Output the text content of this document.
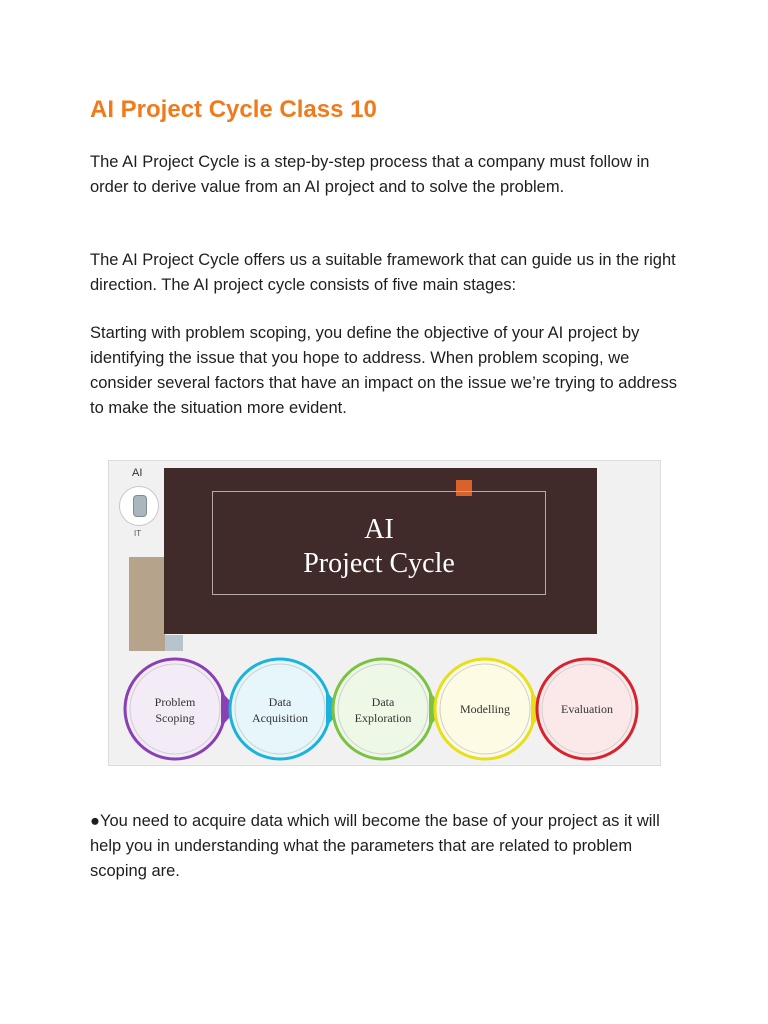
AI Project Cycle Class 10

The AI Project Cycle is a step-by-step process that a company must follow in order to derive value from an AI project and to solve the problem.

The AI Project Cycle offers us a suitable framework that can guide us in the right direction. The AI project cycle consists of five main stages:

Starting with problem scoping, you define the objective of your AI project by identifying the issue that you hope to address. When problem scoping, we consider several factors that have an impact on the issue we’re trying to address to make the situation more evident.

AI
IT	AI
Project Cycle
Problem
Scoping
Data
Acquisition
Data
Exploration
Modelling	Evaluation

●You need to acquire data which will become the base of your project as it will help you in understanding what the parameters that are related to problem scoping are.
